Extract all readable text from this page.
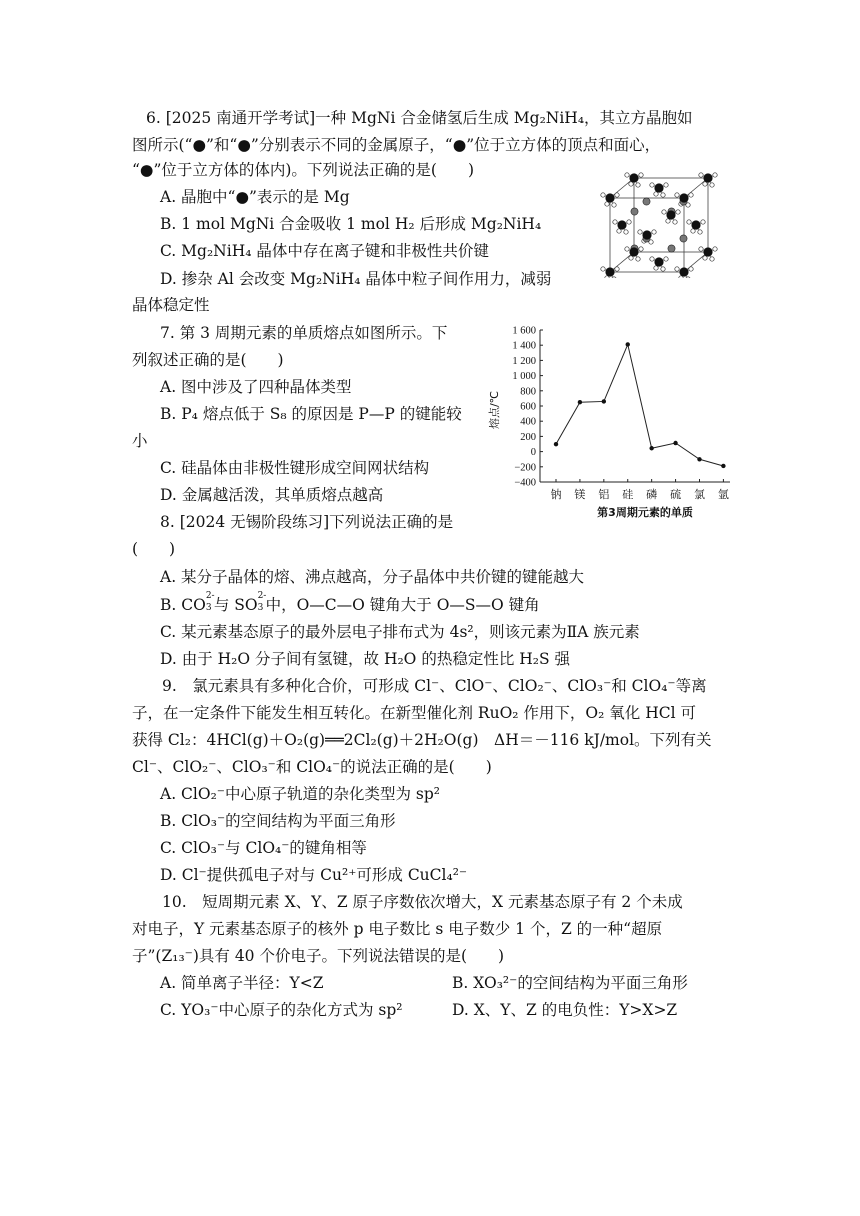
6. [2025 南通开学考试]一种 MgNi 合金储氢后生成 Mg₂NiH₄，其立方晶胞如
图所示(“●”和“●”分别表示不同的金属原子，“●”位于立方体的顶点和面心，
“●”位于立方体的体内)。下列说法正确的是(　　)
A. 晶胞中“●”表示的是 Mg
B. 1 mol MgNi 合金吸收 1 mol H₂ 后形成 Mg₂NiH₄
C. Mg₂NiH₄ 晶体中存在离子键和非极性共价键
D. 掺杂 Al 会改变 Mg₂NiH₄ 晶体中粒子间作用力，减弱
晶体稳定性
7. 第 3 周期元素的单质熔点如图所示。下
列叙述正确的是(　　)
A. 图中涉及了四种晶体类型
B. P₄ 熔点低于 S₈ 的原因是 P—P 的键能较
小
C. 硅晶体由非极性键形成空间网状结构
D. 金属越活泼，其单质熔点越高
1 600
1 400
1 200
1 000
800
600
400
200
0
−200
−400
钠 镁 铝 硅 磷 硫 氯 氩
熔点/℃
第3周期元素的单质
8. [2024 无锡阶段练习]下列说法正确的是
(　　)
A. 某分子晶体的熔、沸点越高，分子晶体中共价键的键能越大
B. CO 2-
3 与 SO 2-
3 中，O—C—O 键角大于 O—S—O 键角
C. 某元素基态原子的最外层电子排布式为 4s²，则该元素为ⅡA 族元素
D. 由于 H₂O 分子间有氢键，故 H₂O 的热稳定性比 H₂S 强
9.　氯元素具有多种化合价，可形成 Cl⁻、ClO⁻、ClO₂⁻、ClO₃⁻和 ClO₄⁻等离
子，在一定条件下能发生相互转化。在新型催化剂 RuO₂ 作用下，O₂ 氧化 HCl 可
获得 Cl₂：4HCl(g)＋O₂(g)══2Cl₂(g)＋2H₂O(g)　ΔH＝－116 kJ/mol。下列有关
Cl⁻、ClO₂⁻、ClO₃⁻和 ClO₄⁻的说法正确的是(　　)
A. ClO₂⁻中心原子轨道的杂化类型为 sp²
B. ClO₃⁻的空间结构为平面三角形
C. ClO₃⁻与 ClO₄⁻的键角相等
D. Cl⁻提供孤电子对与 Cu²⁺可形成 CuCl₄²⁻
10.　短周期元素 X、Y、Z 原子序数依次增大，X 元素基态原子有 2 个未成
对电子，Y 元素基态原子的核外 p 电子数比 s 电子数少 1 个，Z 的一种“超原
子”(Z₁₃⁻)具有 40 个价电子。下列说法错误的是(　　)
A. 简单离子半径：Y<Z	B. XO₃²⁻的空间结构为平面三角形
C. YO₃⁻中心原子的杂化方式为 sp²	D. X、Y、Z 的电负性：Y>X>Z
